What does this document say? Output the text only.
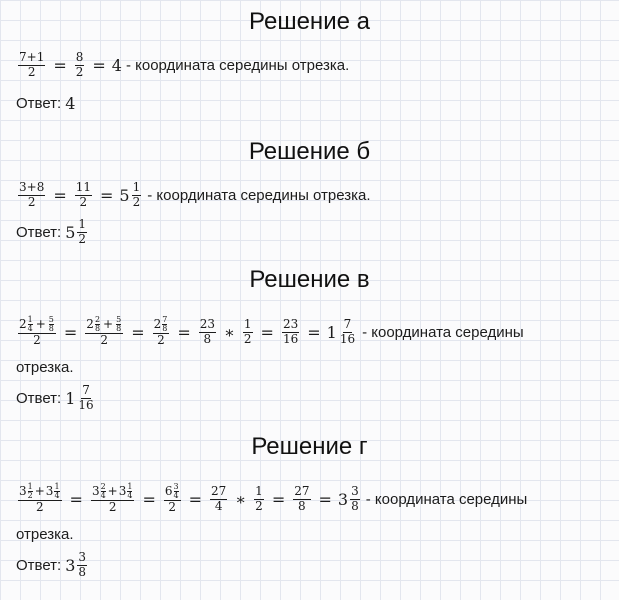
Решение а
$\frac{7+1}{2} = \frac{8}{2} = 4$ - координата середины отрезка.
Ответ: 4
Решение б
$\frac{3+8}{2} = \frac{11}{2} = 5 \frac{1}{2}$ - координата середины отрезка.
Ответ: $5 \frac{1}{2}$
Решение в
2 1
$4 + \frac{5}{8}$
2 = 2 2
$8 + \frac{5}{8}$
2 = 2 7
8
$2 = \frac{23}{8}$ ∗ $\frac{1}{2} = \frac{23}{16} = 1 \frac{7}{16}$ - координата середины
отрезка.
Ответ: $1 \frac{7}{16}$
Решение г
3 1
2 + 3 1
4
2 = 3 2
4 + 3 1
4
2 = 6 3
4
$2 = \frac{27}{4}$ ∗ $\frac{1}{2} = \frac{27}{8} = 3 \frac{3}{8}$ - координата середины
отрезка.
Ответ: $3 \frac{3}{8}$
